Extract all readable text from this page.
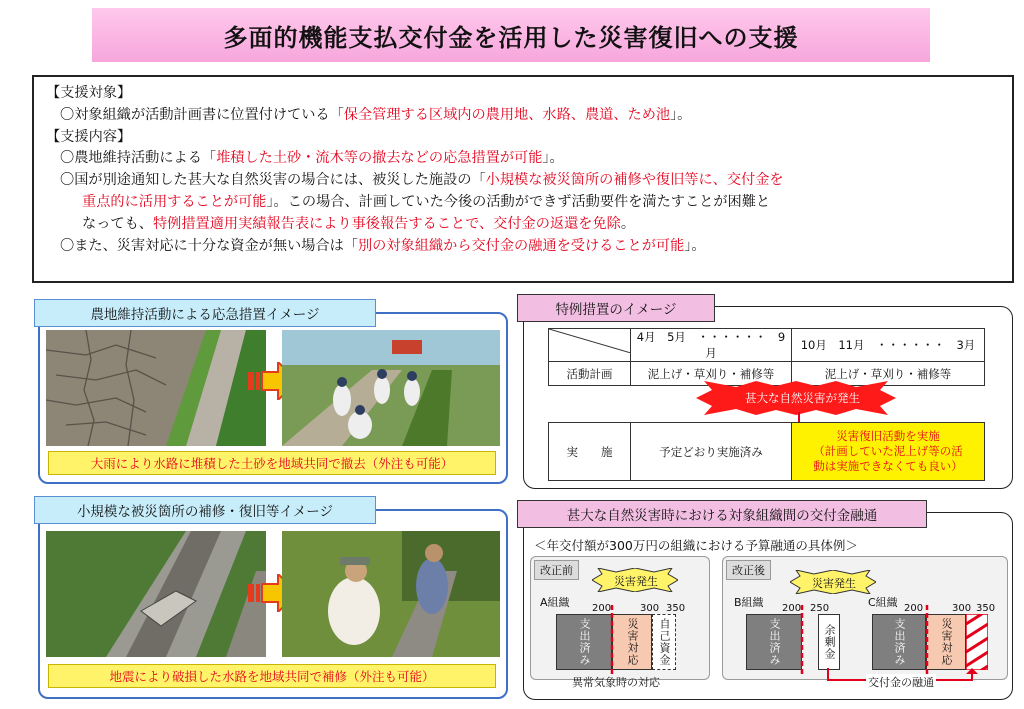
多面的機能支払交付金を活用した災害復旧への支援
【支援対象】
〇対象組織が活動計画書に位置付けている「保全管理する区域内の農用地、水路、農道、ため池」。
【支援内容】
〇農地維持活動による「堆積した土砂・流木等の撤去などの応急措置が可能」。
〇国が別途通知した甚大な自然災害の場合には、被災した施設の「小規模な被災箇所の補修や復旧等に、交付金を
重点的に活用することが可能」。この場合、計画していた今後の活動ができず活動要件を満たすことが困難と
なっても、特例措置適用実績報告表により事後報告することで、交付金の返還を免除。
〇また、災害対応に十分な資金が無い場合は「別の対象組織から交付金の融通を受けることが可能」。
農地維持活動による応急措置イメージ
大雨により水路に堆積した土砂を地域共同で撤去（外注も可能）
小規模な被災箇所の補修・復旧等イメージ
地震により破損した水路を地域共同で補修（外注も可能）
特例措置のイメージ
	4月　5月　・・・・・・　9月	10月　11月　・・・・・・　3月
活動計画	泥上げ・草刈り・補修等	泥上げ・草刈り・補修等
甚大な自然災害が発生
実　　施	予定どおり実施済み	
災害復旧活動を実施
（計画していた泥上げ等の活
動は実施できなくても良い）
甚大な自然災害時における対象組織間の交付金融通
＜年交付額が300万円の組織における予算融通の具体例＞
改正前
災害発生
A組織 200	300 350
支出済み	災害対応	自己資金
異常気象時の対応
改正後
災害発生
B組織	C組織
200 250	200	300 350
支出済み	余剰金	支出済み	災害対応
交付金の融通
